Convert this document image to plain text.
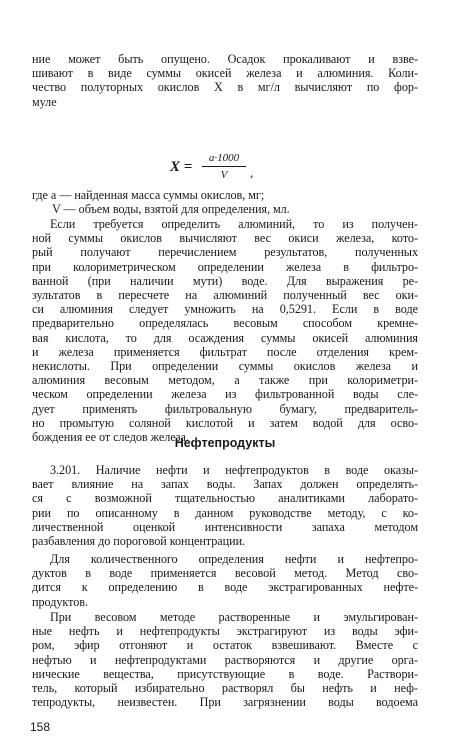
ние может быть опущено. Осадок прокаливают и взве-
шивают в виде суммы окисей железа и алюминия. Коли-
чество полуторных окислов X в мг/л вычисляют по фор-
муле
X =
a·1000
V	,
где a — найденная масса суммы окислов, мг;
V — объем воды, взятой для определения, мл.
Если требуется определить алюминий, то из получен-
ной суммы окислов вычисляют вес окиси железа, кото-
рый получают перечислением результатов, полученных
при колориметрическом определении железа в фильтро-
ванной (при наличии мути) воде. Для выражения ре-
зультатов в пересчете на алюминий полученный вес оки-
си алюминия следует умножить на 0,5291. Если в воде
предварительно определялась весовым способом кремне-
вая кислота, то для осаждения суммы окисей алюминия
и железа применяется фильтрат после отделения крем-
некислоты. При определении суммы окислов железа и
алюминия весовым методом, а также при колориметри-
ческом определении железа из фильтрованной воды сле-
дует применять фильтровальную бумагу, предваритель-
но промытую соляной кислотой и затем водой для осво-
бождения ее от следов железа.
Нефтепродукты
3.201. Наличие нефти и нефтепродуктов в воде оказы-
вает влияние на запах воды. Запах должен определять-
ся с возможной тщательностью аналитиками лаборато-
рии по описанному в данном руководстве методу, с ко-
личественной оценкой интенсивности запаха методом
разбавления до пороговой концентрации.
Для количественного определения нефти и нефтепро-
дуктов в воде применяется весовой метод. Метод сво-
дится к определению в воде экстрагированных нефте-
продуктов.
При весовом методе растворенные и эмульгирован-
ные нефть и нефтепродукты экстрагируют из воды эфи-
ром, эфир отгоняют и остаток взвешивают. Вместе с
нефтью и нефтепродуктами растворяются и другие орга-
нические вещества, присутствующие в воде. Раствори-
тель, который избирательно растворял бы нефть и неф-
тепродукты, неизвестен. При загрязнении воды водоема
158
